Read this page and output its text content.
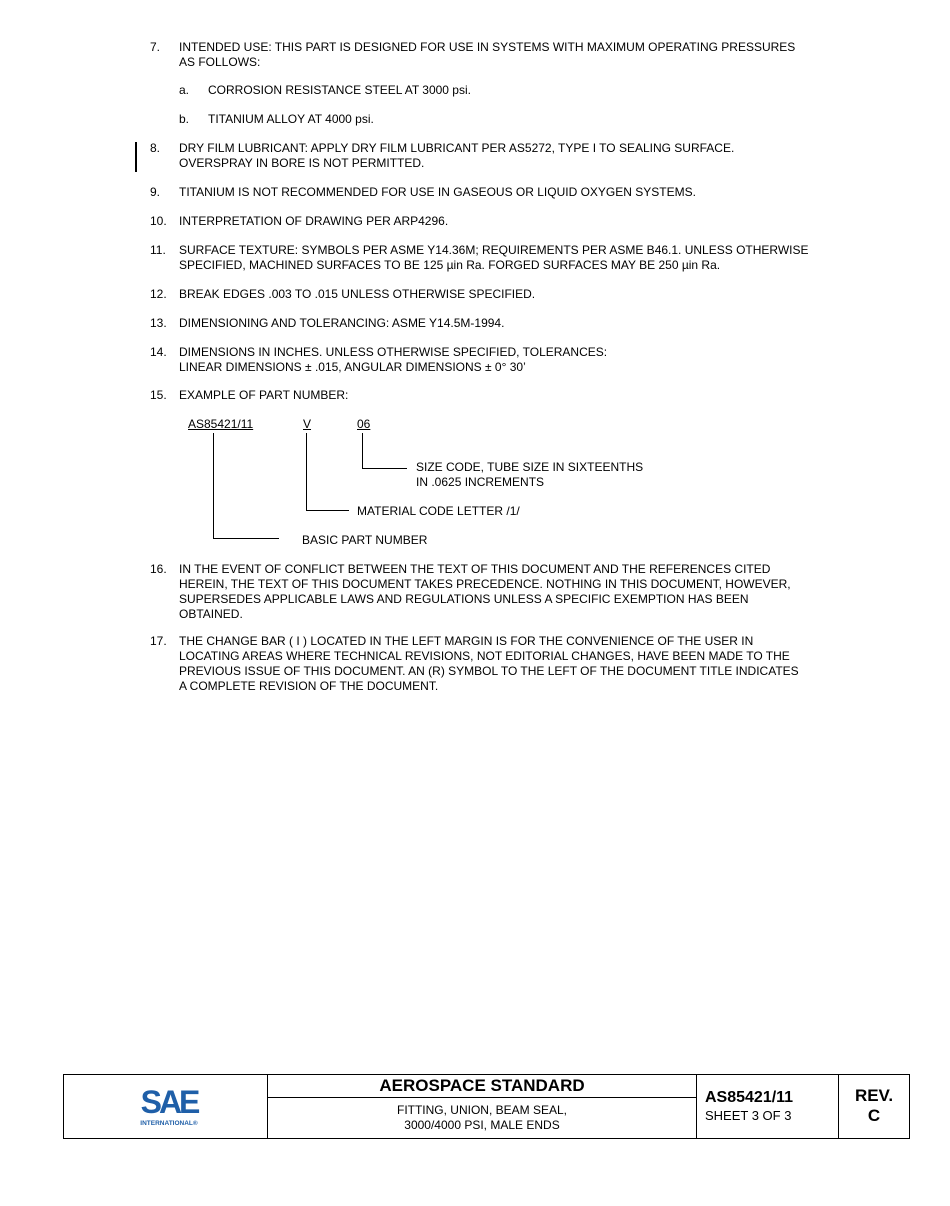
7. INTENDED USE: THIS PART IS DESIGNED FOR USE IN SYSTEMS WITH MAXIMUM OPERATING PRESSURES
AS FOLLOWS:
a. CORROSION RESISTANCE STEEL AT 3000 psi.
b. TITANIUM ALLOY AT 4000 psi.
8. DRY FILM LUBRICANT: APPLY DRY FILM LUBRICANT PER AS5272, TYPE I TO SEALING SURFACE.
OVERSPRAY IN BORE IS NOT PERMITTED.
9. TITANIUM IS NOT RECOMMENDED FOR USE IN GASEOUS OR LIQUID OXYGEN SYSTEMS.
10. INTERPRETATION OF DRAWING PER ARP4296.
11. SURFACE TEXTURE: SYMBOLS PER ASME Y14.36M; REQUIREMENTS PER ASME B46.1. UNLESS OTHERWISE
SPECIFIED, MACHINED SURFACES TO BE 125 µin Ra. FORGED SURFACES MAY BE 250 µin Ra.
12. BREAK EDGES .003 TO .015 UNLESS OTHERWISE SPECIFIED.
13. DIMENSIONING AND TOLERANCING: ASME Y14.5M-1994.
14. DIMENSIONS IN INCHES. UNLESS OTHERWISE SPECIFIED, TOLERANCES:
LINEAR DIMENSIONS ± .015, ANGULAR DIMENSIONS ± 0° 30’
15. EXAMPLE OF PART NUMBER:
AS85421/11	V	06
SIZE CODE, TUBE SIZE IN SIXTEENTHS
IN .0625 INCREMENTS
MATERIAL CODE LETTER /1/
BASIC PART NUMBER
16. IN THE EVENT OF CONFLICT BETWEEN THE TEXT OF THIS DOCUMENT AND THE REFERENCES CITED
HEREIN, THE TEXT OF THIS DOCUMENT TAKES PRECEDENCE. NOTHING IN THIS DOCUMENT, HOWEVER,
SUPERSEDES APPLICABLE LAWS AND REGULATIONS UNLESS A SPECIFIC EXEMPTION HAS BEEN
OBTAINED.
17. THE CHANGE BAR ( I ) LOCATED IN THE LEFT MARGIN IS FOR THE CONVENIENCE OF THE USER IN
LOCATING AREAS WHERE TECHNICAL REVISIONS, NOT EDITORIAL CHANGES, HAVE BEEN MADE TO THE
PREVIOUS ISSUE OF THIS DOCUMENT. AN (R) SYMBOL TO THE LEFT OF THE DOCUMENT TITLE INDICATES
A COMPLETE REVISION OF THE DOCUMENT.
SAE
INTERNATIONAL®
AEROSPACE STANDARD
FITTING, UNION, BEAM SEAL,
3000/4000 PSI, MALE ENDS
AS85421/11
SHEET 3 OF 3
REV.
C
